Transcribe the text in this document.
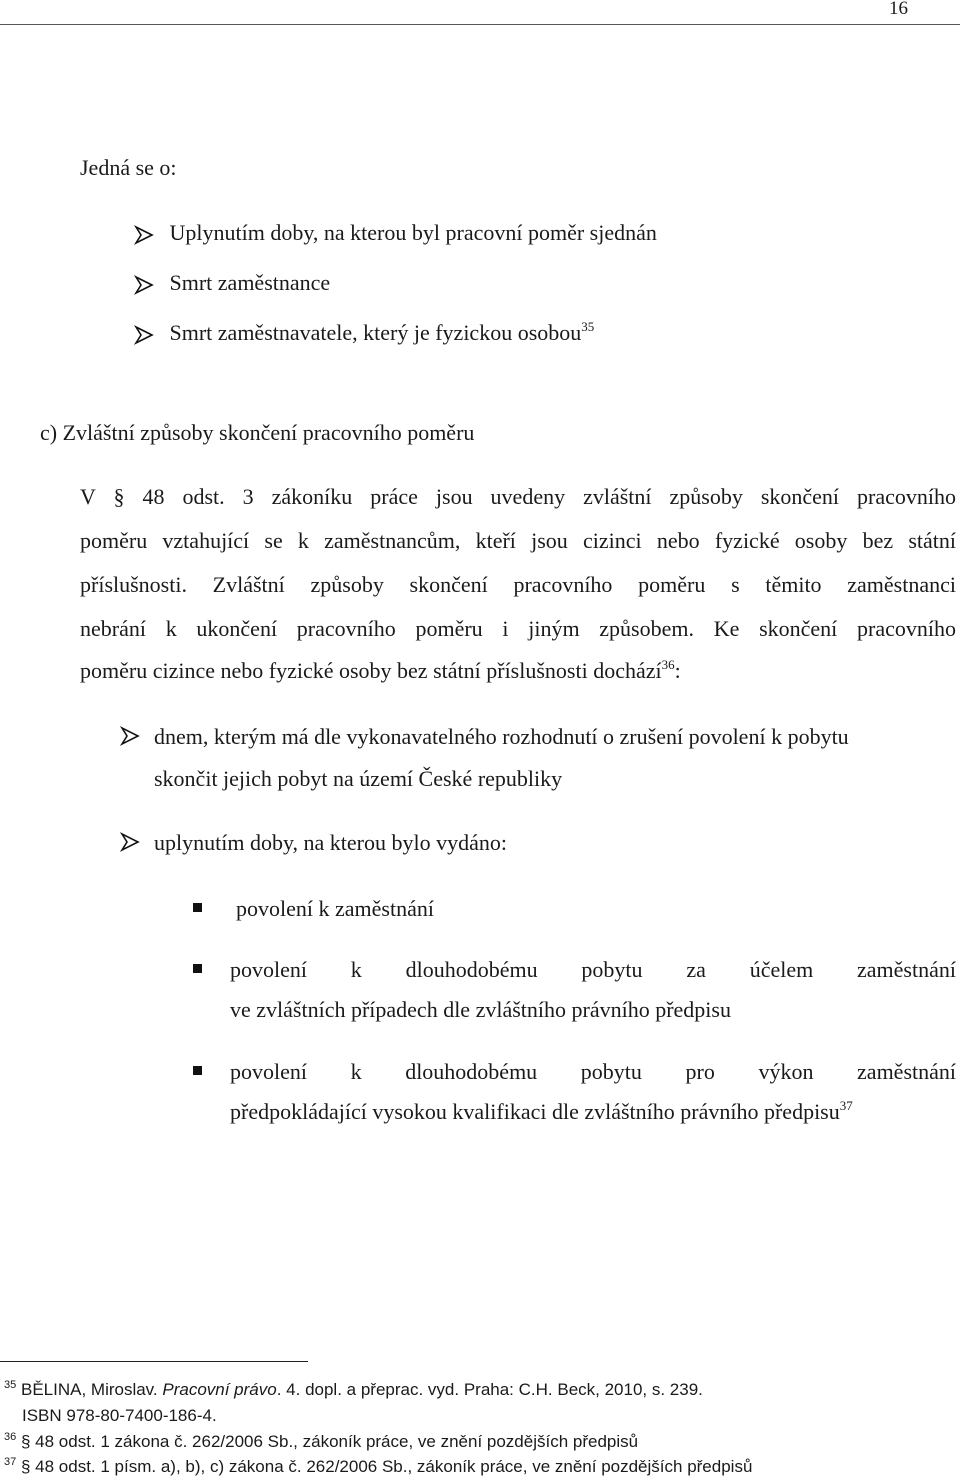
16
Jedná se o:
Uplynutím doby, na kterou byl pracovní poměr sjednán
Smrt zaměstnance
Smrt zaměstnavatele, který je fyzickou osobou$^{35}$
c) Zvláštní způsoby skončení pracovního poměru
V § 48 odst. 3 zákoníku práce jsou uvedeny zvláštní způsoby skončení pracovního
poměru vztahující se k zaměstnancům, kteří jsou cizinci nebo fyzické osoby bez státní
příslušnosti. Zvláštní způsoby skončení pracovního poměru s těmito zaměstnanci
nebrání k ukončení pracovního poměru i jiným způsobem. Ke skončení pracovního
poměru cizince nebo fyzické osoby bez státní příslušnosti dochází$^{36}$:
dnem, kterým má dle vykonavatelného rozhodnutí o zrušení povolení k pobytu
skončit jejich pobyt na území České republiky
uplynutím doby, na kterou bylo vydáno:
povolení k zaměstnání
povolení k dlouhodobému pobytu za účelem zaměstnání
ve zvláštních případech dle zvláštního právního předpisu
povolení k dlouhodobému pobytu pro výkon zaměstnání
předpokládající vysokou kvalifikaci dle zvláštního právního předpisu$^{37}$
$^{35}$ BĚLINA, Miroslav. Pracovní právo. 4. dopl. a přeprac. vyd. Praha: C.H. Beck, 2010, s. 239.
ISBN 978-80-7400-186-4.
$^{36}$ § 48 odst. 1 zákona č. 262/2006 Sb., zákoník práce, ve znění pozdějších předpisů
$^{37}$ § 48 odst. 1 písm. a), b), c) zákona č. 262/2006 Sb., zákoník práce, ve znění pozdějších předpisů
